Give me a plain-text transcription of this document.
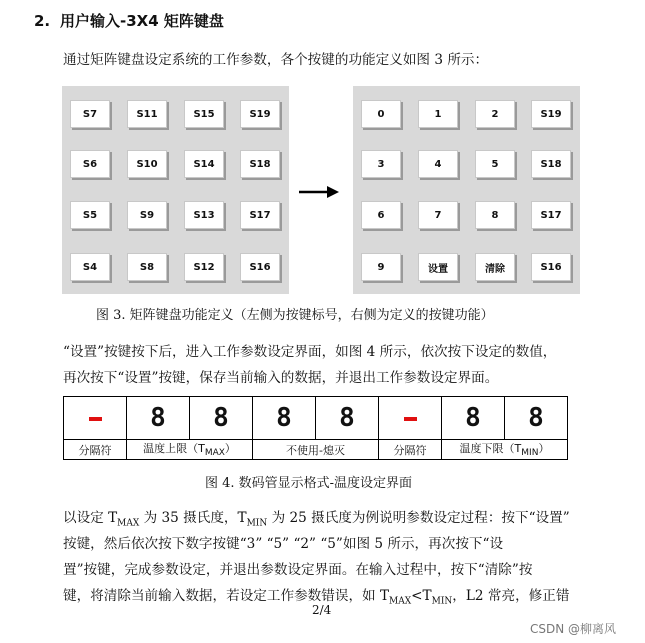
2. 用户输入-3X4 矩阵键盘
通过矩阵键盘设定系统的工作参数，各个按键的功能定义如图 3 所示：
S7	S11	S15	S19
S6	S10	S14	S18
S5	S9	S13	S17
S4	S8	S12	S16
0	1	2	S19
3	4	5	S18
6	7	8	S17
9	设置	清除	S16
图 3. 矩阵键盘功能定义（左侧为按键标号，右侧为定义的按键功能）
“设置”按键按下后，进入工作参数设定界面，如图 4 所示，依次按下设定的数值，
再次按下“设置”按键，保存当前输入的数据，并退出工作参数设定界面。
	8	8	8	8		8	8
分隔符	温度上限$(T_{MAX})$		不使用-熄灭		分隔符	温度下限$(T_{MIN})$	
图 4. 数码管显示格式-温度设定界面
以设定 $T_{MAX}$ 为 35 摄氏度，$T_{MIN}$ 为 25 摄氏度为例说明参数设定过程：按下“设置”
按键，然后依次按下数字按键“3” “5” “2” “5”如图 5 所示，再次按下“设
置”按键，完成参数设定，并退出参数设定界面。在输入过程中，按下“清除”按
键，将清除当前输入数据，若设定工作参数错误，如 $T_{MAX}<T_{MIN}$，L2 常亮，修正错
2/4
CSDN @柳离风
